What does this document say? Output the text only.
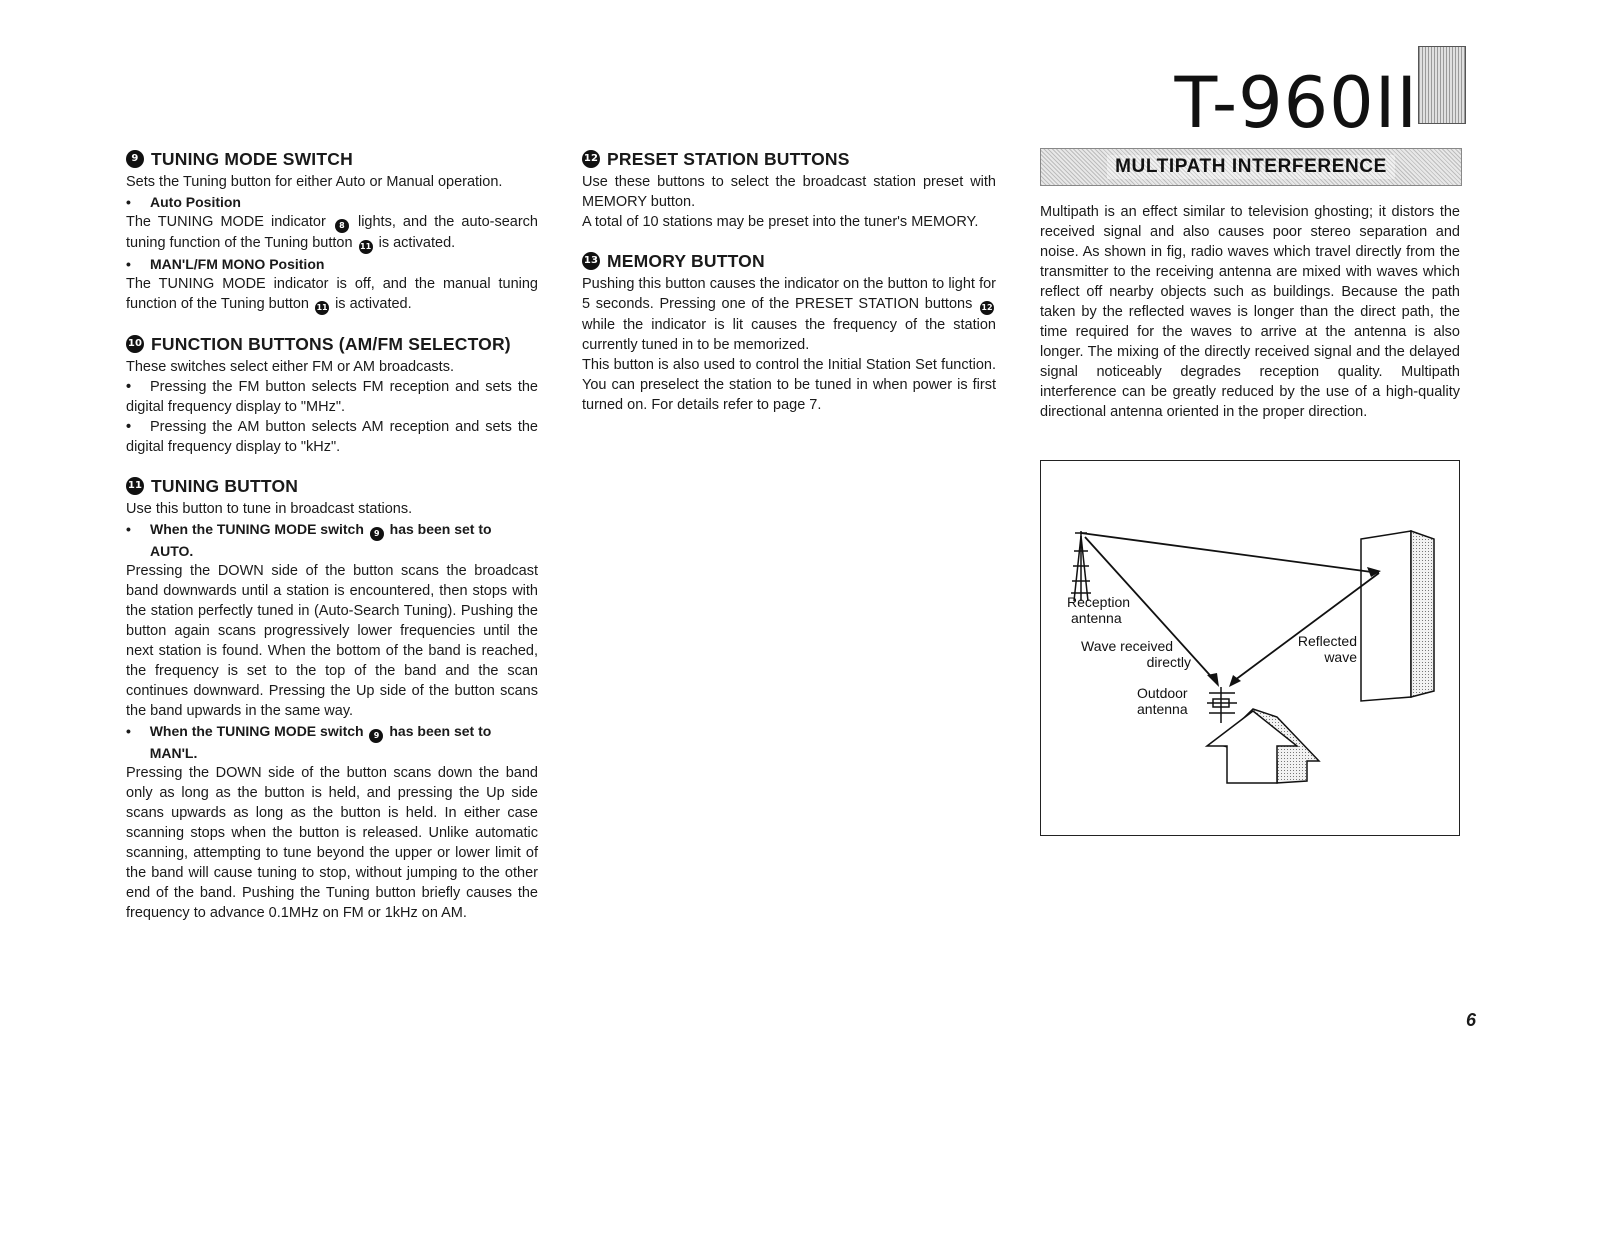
T-960II
9 TUNING MODE SWITCH

Sets the Tuning button for either Auto or Manual operation.

• Auto Position

The TUNING MODE indicator 8 lights, and the auto-search tuning function of the Tuning button 11 is activated.

• MAN'L/FM MONO Position

The TUNING MODE indicator is off, and the manual tuning function of the Tuning button 11 is activated.

10 FUNCTION BUTTONS (AM/FM SELECTOR)

These switches select either FM or AM broadcasts.

• Pressing the FM button selects FM reception and sets the digital frequency display to "MHz".

• Pressing the AM button selects AM reception and sets the digital frequency display to "kHz".

11 TUNING BUTTON

Use this button to tune in broadcast stations.

•	When the TUNING MODE switch 9 has been set to AUTO.

Pressing the DOWN side of the button scans the broadcast band downwards until a station is encountered, then stops with the station perfectly tuned in (Auto-Search Tuning). Pushing the button again scans progressively lower frequencies until the next station is found. When the bottom of the band is reached, the frequency is set to the top of the band and the scan continues downward. Pressing the Up side of the button scans the band upwards in the same way.

•	When the TUNING MODE switch 9 has been set to MAN'L.

Pressing the DOWN side of the button scans down the band only as long as the button is held, and pressing the Up side scans upwards as long as the button is held. In either case scanning stops when the button is released. Unlike automatic scanning, attempting to tune beyond the upper or lower limit of the band will cause tuning to stop, without jumping to the other end of the band. Pushing the Tuning button briefly causes the frequency to advance 0.1MHz on FM or 1kHz on AM.

12 PRESET STATION BUTTONS

Use these buttons to select the broadcast station preset with MEMORY button.

A total of 10 stations may be preset into the tuner's MEMORY.

13 MEMORY BUTTON

Pushing this button causes the indicator on the button to light for 5 seconds. Pressing one of the PRESET STATION buttons 12 while the indicator is lit causes the frequency of the station currently tuned in to be memorized.

This button is also used to control the Initial Station Set function. You can preselect the station to be tuned in when power is first turned on. For details refer to page 7.

MULTIPATH INTERFERENCE

Multipath is an effect similar to television ghosting; it distors the received signal and also causes poor stereo separation and noise. As shown in fig, radio waves which travel directly from the transmitter to the receiving antenna are mixed with waves which reflect off nearby objects such as buildings. Because the path taken by the reflected waves is longer than the direct path, the time required for the waves to arrive at the antenna is also longer. The mixing of the directly received signal and the delayed signal noticeably degrades reception quality. Multipath interference can be greatly reduced by the use of a high-quality directional antenna oriented in the proper direction.

Reception
antenna
Wave received
directly
Reflected
wave
Outdoor
antenna
6
